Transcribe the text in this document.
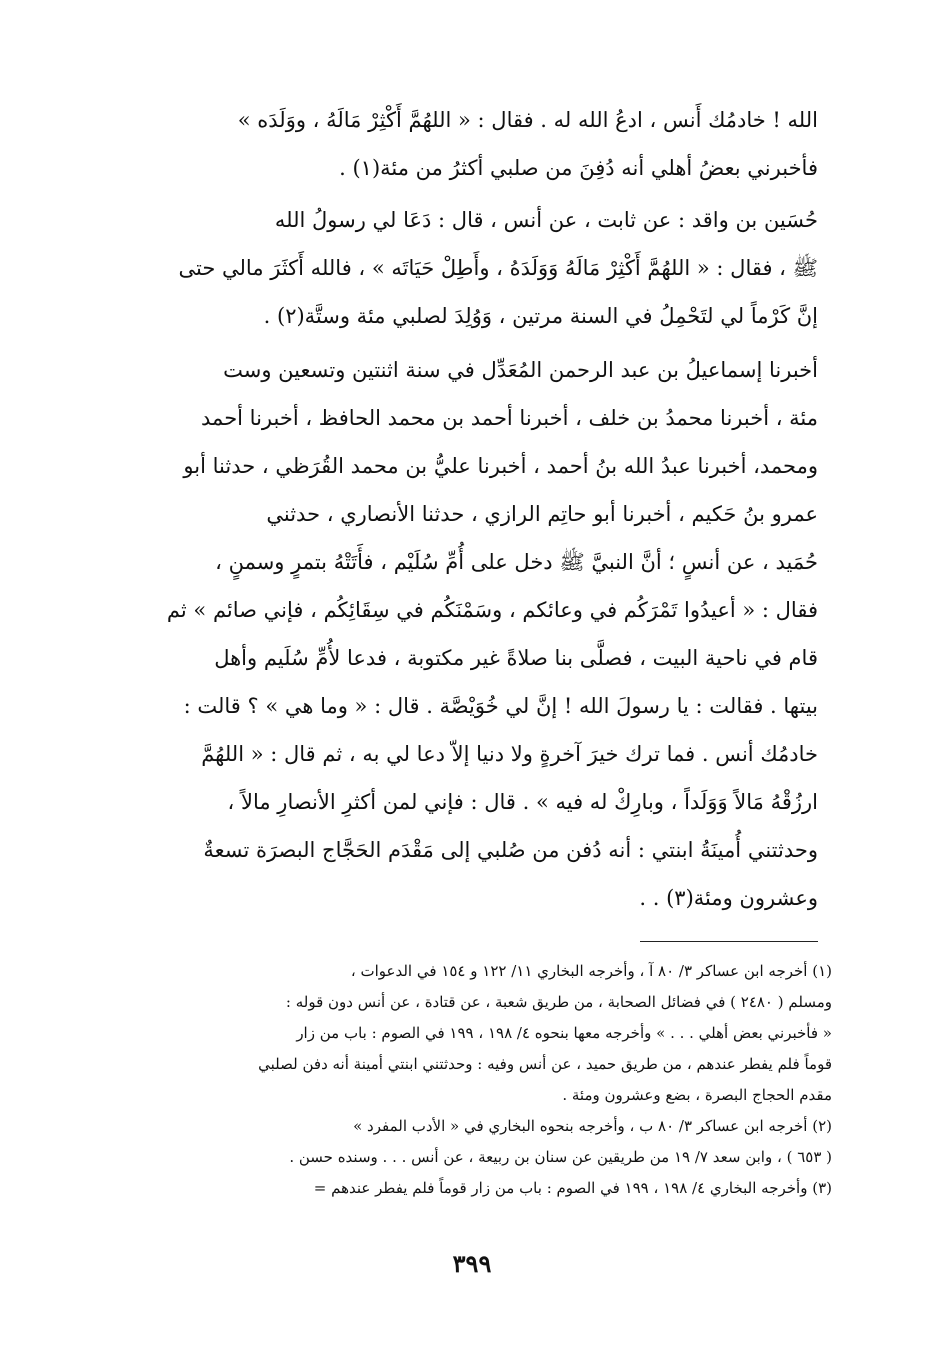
الله ! خادمُك أَنس ، ادعُ الله له . فقال : « اللهُمَّ أَكْثِرْ مَالَهُ ، ووَلَدَه »
فأخبرني بعضُ أهلي أنه دُفِنَ من صلبي أكثرُ من مئة(١) .
حُسَين بن واقد : عن ثابت ، عن أنس ، قال : دَعَا لي رسولُ الله
ﷺ ، فقال : « اللهُمَّ أَكْثِرْ مَالَهُ وَوَلَدَهُ ، وأَطِلْ حَيَاتَه » ، فالله أَكثَرَ مالي حتى
إنَّ كَرْماً لي لتَحْمِلُ في السنة مرتين ، وَوُلِدَ لصلبي مئة وستَّة(٢) .
أخبرنا إسماعيلُ بن عبد الرحمن المُعَدِّل في سنة اثنتين وتسعين وست
مئة ، أخبرنا محمدُ بن خلف ، أخبرنا أحمد بن محمد الحافظ ، أخبرنا أحمد
ومحمد، أخبرنا عبدُ الله بنُ أحمد ، أخبرنا عليُّ بن محمد القُرَظي ، حدثنا أبو
عمرو بنُ حَكيم ، أخبرنا أبو حاتِم الرازي ، حدثنا الأنصاري ، حدثني
حُمَيد ، عن أنسٍ ؛ أنَّ النبيَّ ﷺ دخل على أُمِّ سُلَيْم ، فأَتَتْهُ بتمرٍ وسمنٍ ،
فقال : « أعيدُوا تَمْرَكُم في وعائكم ، وسَمْنَكُم في سِقَائِكُم ، فإني صائم » ثم
قام في ناحية البيت ، فصلَّى بنا صلاةً غير مكتوبة ، فدعا لأُمِّ سُلَيم وأهل
بيتها . فقالت : يا رسولَ الله ! إنَّ لي خُوَيْصَّة . قال : « وما هي » ؟ قالت :
خادمُك أنس . فما ترك خيرَ آخرةٍ ولا دنيا إلاّ دعا لي به ، ثم قال : « اللهُمَّ
ارزُقْهُ مَالاً وَوَلَداً ، وبارِكْ له فيه » . قال : فإني لمن أكثرِ الأنصارِ مالاً ،
وحدثتني أُمينَةُ ابنتي : أنه دُفن من صُلبي إلى مَقْدَم الحَجَّاج البصرَة تسعةٌ
وعشرون ومئة(٣) . .
(١) أخرجه ابن عساكر ٣/ ٨٠ آ ، وأخرجه البخاري ١١/ ١٢٢ و ١٥٤ في الدعوات ،
ومسلم ( ٢٤٨٠ ) في فضائل الصحابة ، من طريق شعبة ، عن قتادة ، عن أنس دون قوله :
« فأخبرني بعض أهلي . . . » وأخرجه معها بنحوه ٤/ ١٩٨ ، ١٩٩ في الصوم : باب من زار
قوماً فلم يفطر عندهم ، من طريق حميد ، عن أنس وفيه : وحدثتني ابنتي أمينة أنه دفن لصلبي
مقدم الحجاج البصرة ، بضع وعشرون ومئة .
(٢) أخرجه ابن عساكر ٣/ ٨٠ ب ، وأخرجه بنحوه البخاري في « الأدب المفرد »
( ٦٥٣ ) ، وابن سعد ٧/ ١٩ من طريقين عن سنان بن ربيعة ، عن أنس . . . وسنده حسن .
(٣) وأخرجه البخاري ٤/ ١٩٨ ، ١٩٩ في الصوم : باب من زار قوماً فلم يفطر عندهم =
٣٩٩
